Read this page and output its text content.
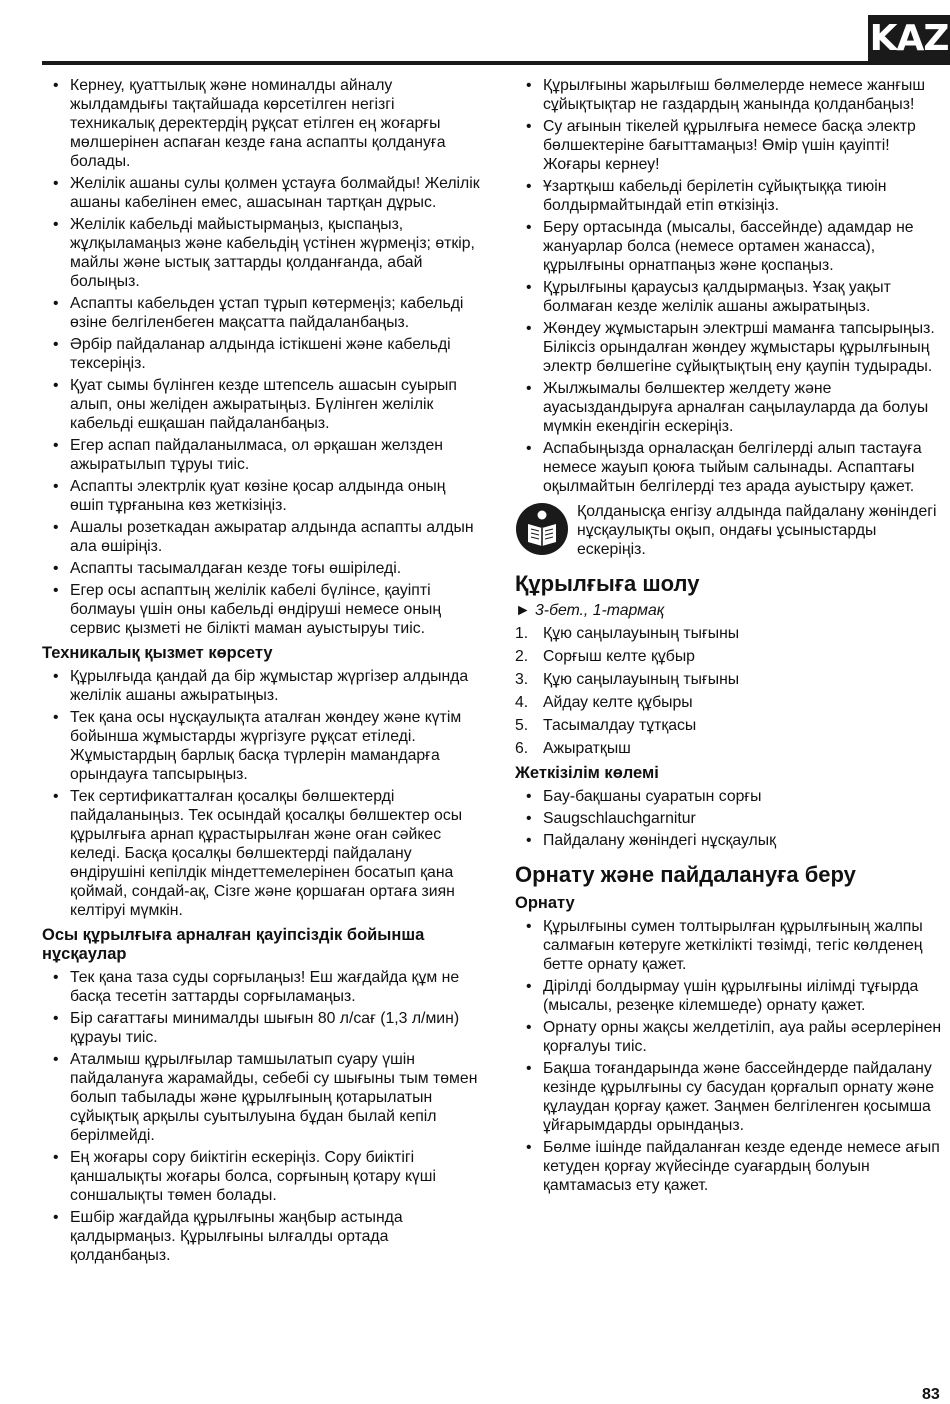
KAZ
• Кернеу, қуаттылық және номиналды айналу жылдамдығы тақтайшада көрсетілген негізгі техникалық деректердің рұқсат етілген ең жоғарғы мөлшерінен аспаған кезде ғана аспапты қолдануға болады.
• Желілік ашаны сулы қолмен ұстауға болмайды! Желілік ашаны кабелінен емес, ашасынан тартқан дұрыс.
• Желілік кабельді майыстырмаңыз, қыспаңыз, жұлқыламаңыз және кабельдің үстінен жүрмеңіз; өткір, майлы және ыстық заттарды қолданғанда, абай болыңыз.
• Аспапты кабельден ұстап тұрып көтермеңіз; кабельді өзіне белгіленбеген мақсатта пайдаланбаңыз.
• Әрбір пайдаланар алдында істікшені және кабельді тексеріңіз.
• Қуат сымы бүлінген кезде штепсель ашасын суырып алып, оны желіден ажыратыңыз. Бүлінген желілік кабельді ешқашан пайдаланбаңыз.
• Егер аспап пайдаланылмаса, ол әрқашан желзден ажыратылып тұруы тиіс.
• Аспапты электрлік қуат көзіне қосар алдында оның өшіп тұрғанына көз жеткізіңіз.
• Ашалы розеткадан ажыратар алдында аспапты алдын ала өшіріңіз.
• Аспапты тасымалдаған кезде тоғы өшіріледі.
• Егер осы аспаптың желілік кабелі бүлінсе, қауіпті болмауы үшін оны кабельді өндіруші немесе оның сервис қызметі не білікті маман ауыстыруы тиіс.
Техникалық қызмет көрсету
• Құрылғыда қандай да бір жұмыстар жүргізер алдында желілік ашаны ажыратыңыз.
• Тек қана осы нұсқаулықта аталған жөндеу және күтім бойынша жұмыстарды жүргізуге рұқсат етіледі. Жұмыстардың барлық басқа түрлерін мамандарға орындауға тапсырыңыз.
• Тек сертификатталған қосалқы бөлшектерді пайдаланыңыз. Тек осындай қосалқы бөлшектер осы құрылғыға арнап құрастырылған және оған сәйкес келеді. Басқа қосалқы бөлшектерді пайдалану өндірушіні кепілдік міндеттемелерінен босатып қана қоймай, сондай-ақ, Сізге және қоршаған ортаға зиян келтіруі мүмкін.
Осы құрылғыға арналған қауіпсіздік бойынша нұсқаулар
• Тек қана таза суды сорғылаңыз! Еш жағдайда құм не басқа тесетін заттарды сорғыламаңыз.
• Бір сағаттағы минималды шығын 80 л/сағ (1,3 л/мин) құрауы тиіс.
• Аталмыш құрылғылар тамшылатып суару үшін пайдалануға жарамайды, себебі су шығыны тым төмен болып табылады және құрылғының қотарылатын сұйықтық арқылы суытылуына бұдан былай кепіл берілмейді.
• Ең жоғары сору биіктігін ескеріңіз. Сору биіктігі қаншалықты жоғары болса, сорғының қотару күші соншалықты төмен болады.
• Ешбір жағдайда құрылғыны жаңбыр астында қалдырмаңыз. Құрылғыны ылғалды ортада қолданбаңыз.
• Құрылғыны жарылғыш бөлмелерде немесе жанғыш сұйықтықтар не газдардың жанында қолданбаңыз!
• Су ағынын тікелей құрылғыға немесе басқа электр бөлшектеріне бағыттамаңыз! Өмір үшін қауіпті! Жоғары кернеу!
• Ұзартқыш кабельді берілетін сұйықтыққа тиюін болдырмайтындай етіп өткізіңіз.
• Беру ортасында (мысалы, бассейнде) адамдар не жануарлар болса (немесе ортамен жанасса), құрылғыны орнатпаңыз және қоспаңыз.
• Құрылғыны қараусыз қалдырмаңыз. Ұзақ уақыт болмаған кезде желілік ашаны ажыратыңыз.
• Жөндеу жұмыстарын электрші маманға тапсырыңыз. Біліксіз орындалған жөндеу жұмыстары құрылғының электр бөлшегіне сұйықтықтың ену қаупін тудырады.
• Жылжымалы бөлшектер желдету және ауасыздандыруға арналған саңылауларда да болуы мүмкін екендігін ескеріңіз.
• Аспабыңызда орналасқан белгілерді алып тастауға немесе жауып қоюға тыйым салынады. Аспаптағы оқылмайтын белгілерді тез арада ауыстыру қажет.
Қолданысқа енгізу алдында пайдалану жөніндегі нұсқаулықты оқып, ондағы ұсыныстарды ескеріңіз.
Құрылғыға шолу
► 3-бет., 1-тармақ
1. Құю саңылауының тығыны
2. Сорғыш келте құбыр
3. Құю саңылауының тығыны
4. Айдау келте құбыры
5. Тасымалдау тұтқасы
6. Ажыратқыш
Жеткізілім көлемі
• Бау-бақшаны суаратын сорғы
• Saugschlauchgarnitur
• Пайдалану жөніндегі нұсқаулық
Орнату және пайдалануға беру
Орнату
• Құрылғыны сумен толтырылған құрылғының жалпы салмағын көтеруге жеткілікті төзімді, тегіс көлденең бетте орнату қажет.
• Дірілді болдырмау үшін құрылғыны иілімді тұғырда (мысалы, резеңке кілемшеде) орнату қажет.
• Орнату орны жақсы желдетіліп, ауа райы әсерлерінен қорғалуы тиіс.
• Бақша тоғандарында және бассейндерде пайдалану кезінде құрылғыны су басудан қорғалып орнату және құлаудан қорғау қажет. Заңмен белгіленген қосымша ұйғарымдарды орындаңыз.
• Бөлме ішінде пайдаланған кезде еденде немесе ағып кетуден қорғау жүйесінде суағардың болуын қамтамасыз ету қажет.
83
